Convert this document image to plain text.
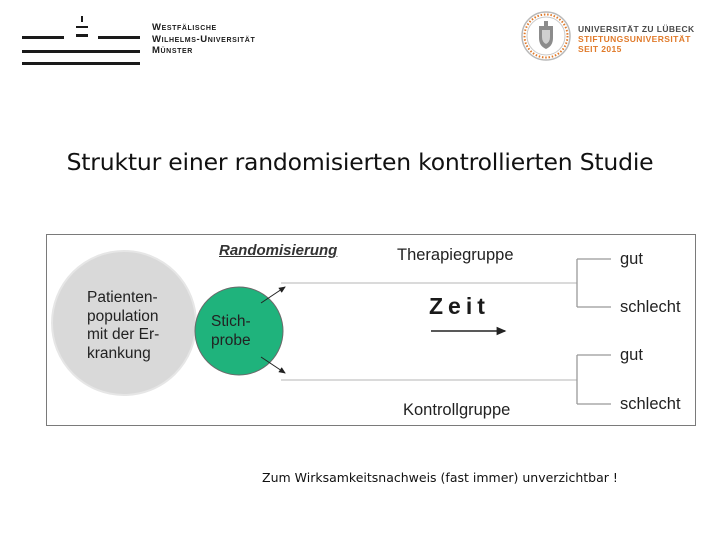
Westfälische
Wilhelms-Universität
Münster
UNIVERSITÄT ZU LÜBECK
STIFTUNGSUNIVERSITÄT
SEIT 2015
Struktur einer randomisierten kontrollierten Studie
Patienten-
population
mit der Er-
krankung
Stich-
probe
Randomisierung	Therapiegruppe
Kontrollgruppe
Zeit
gut
schlecht
gut
schlecht
Zum Wirksamkeitsnachweis (fast immer) unverzichtbar !
